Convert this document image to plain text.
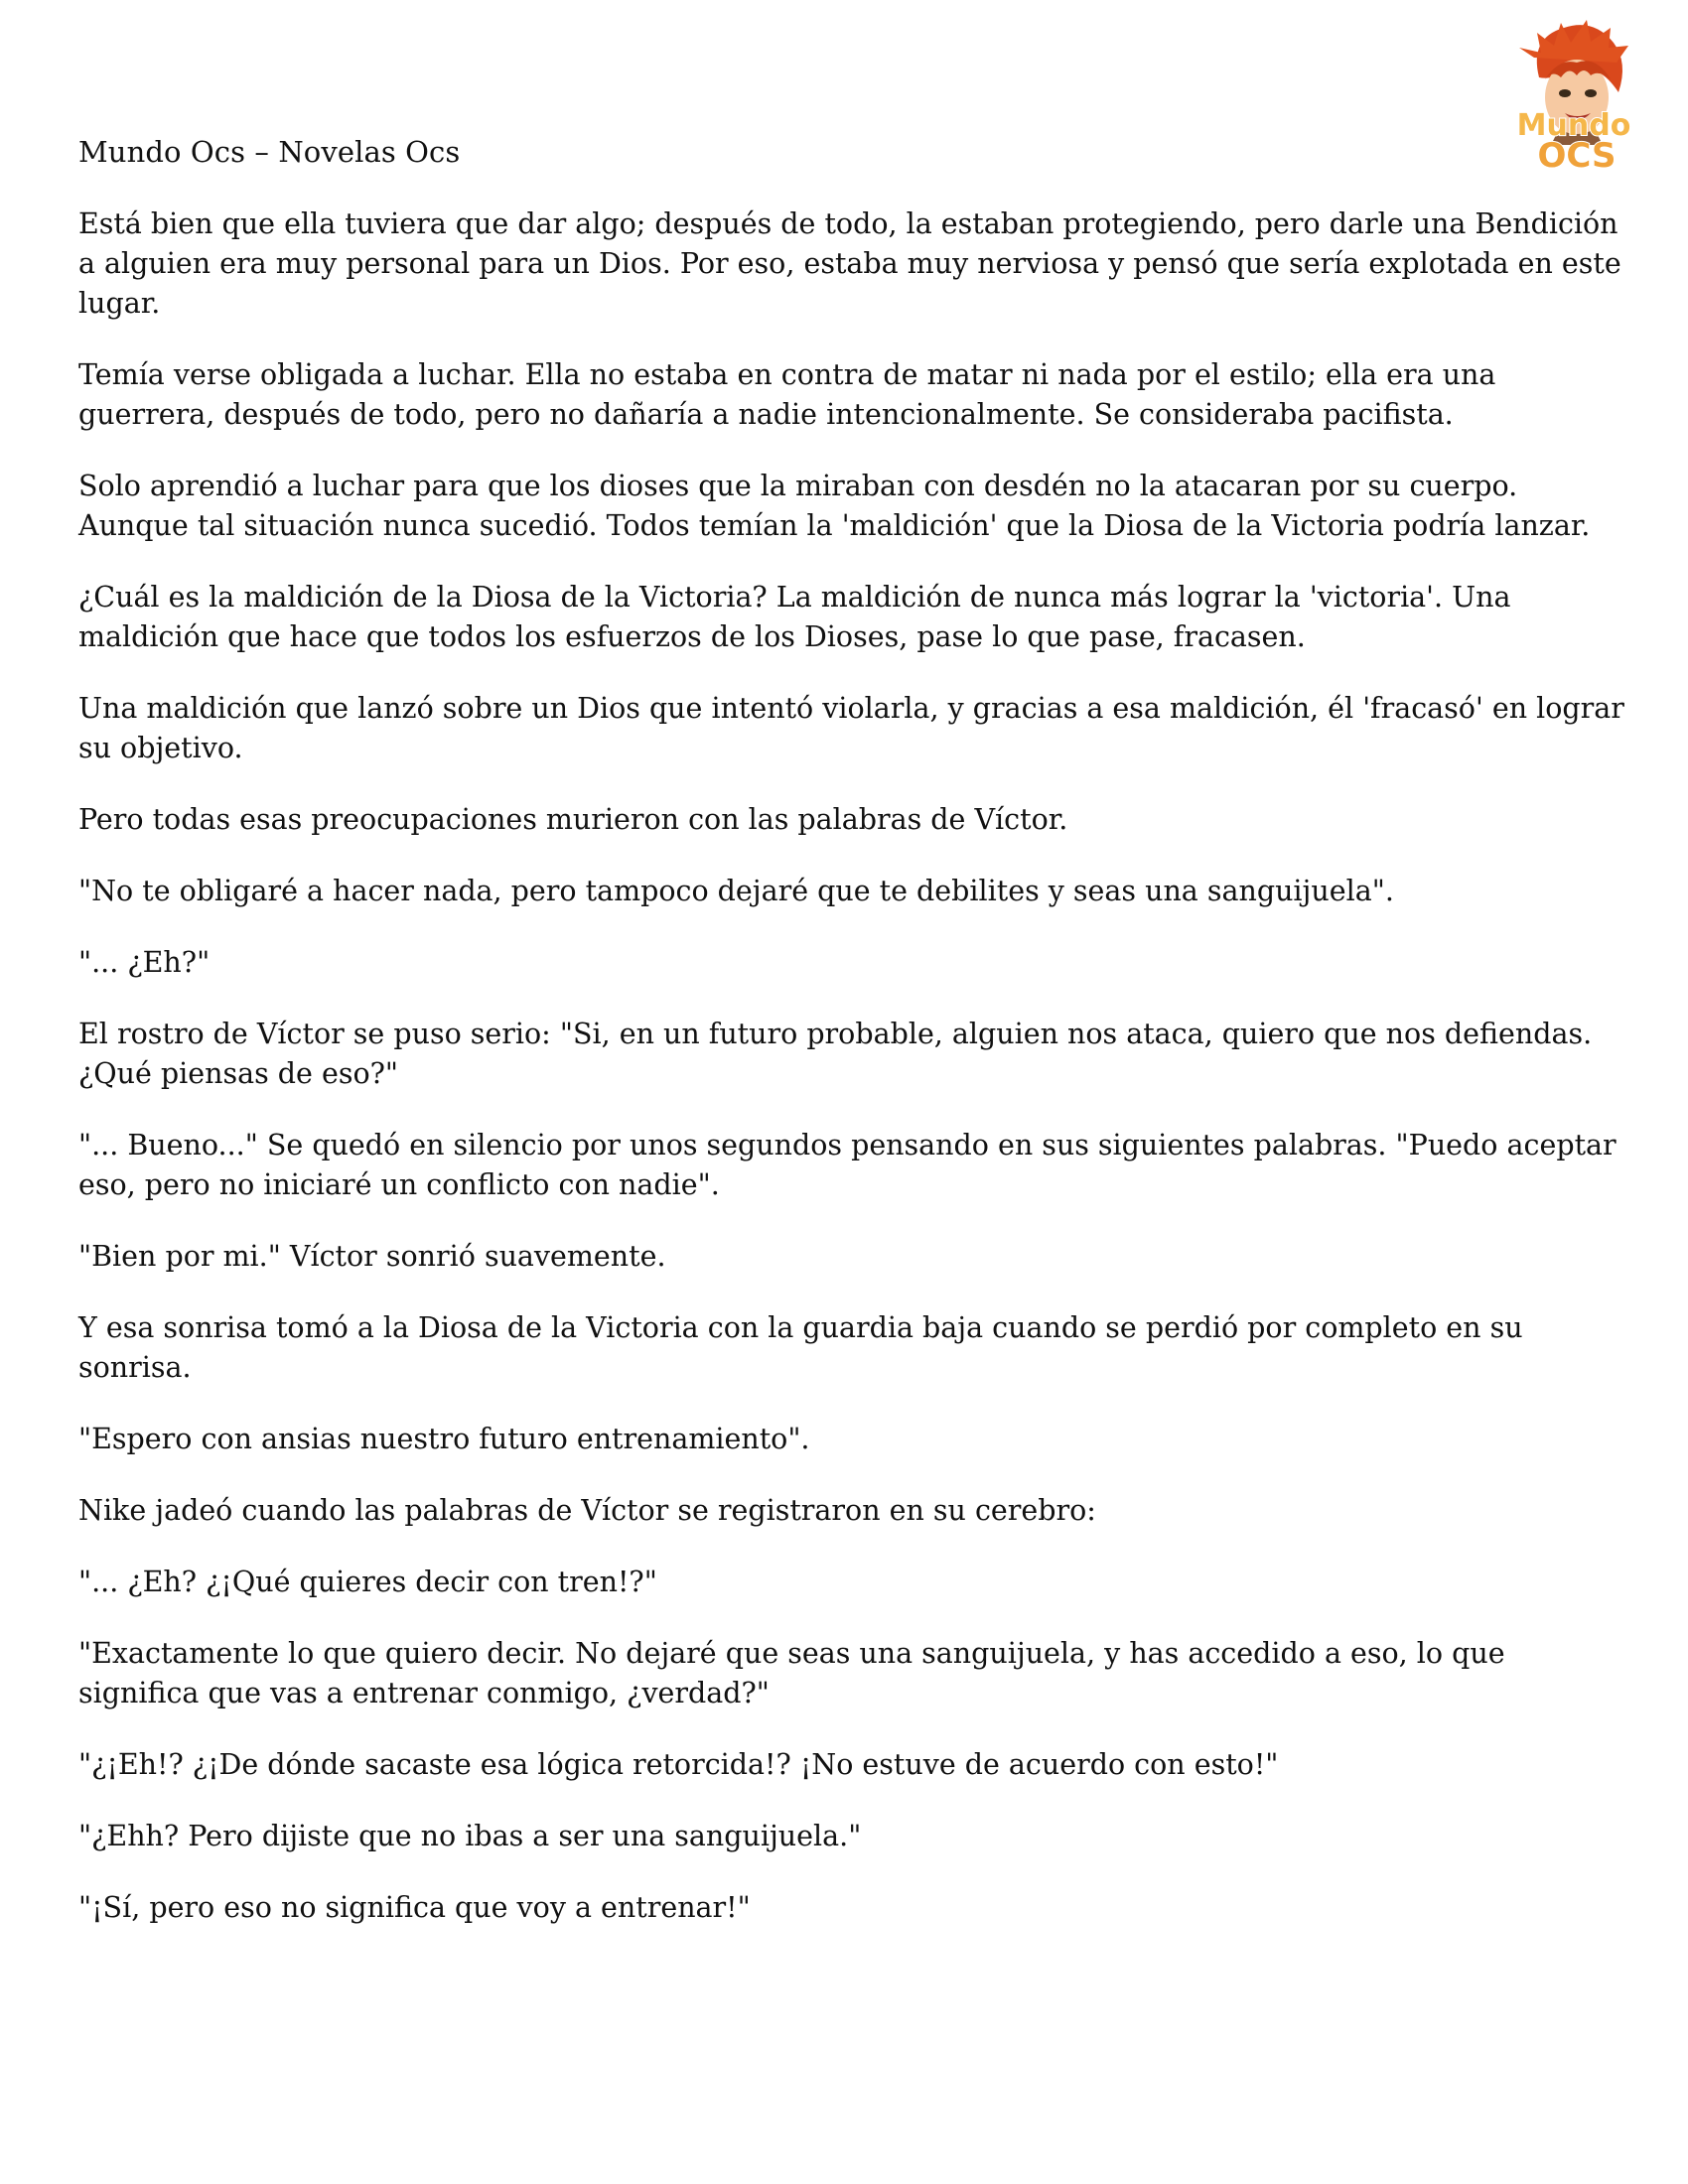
Mundo Ocs – Novelas Ocs
Mundo
OCS

Está bien que ella tuviera que dar algo; después de todo, la estaban protegiendo, pero darle una Bendición a alguien era muy personal para un Dios. Por eso, estaba muy nerviosa y pensó que sería explotada en este lugar.

Temía verse obligada a luchar. Ella no estaba en contra de matar ni nada por el estilo; ella era una guerrera, después de todo, pero no dañaría a nadie intencionalmente. Se consideraba pacifista.

Solo aprendió a luchar para que los dioses que la miraban con desdén no la atacaran por su cuerpo. Aunque tal situación nunca sucedió. Todos temían la 'maldición' que la Diosa de la Victoria podría lanzar.

¿Cuál es la maldición de la Diosa de la Victoria? La maldición de nunca más lograr la 'victoria'. Una maldición que hace que todos los esfuerzos de los Dioses, pase lo que pase, fracasen.

Una maldición que lanzó sobre un Dios que intentó violarla, y gracias a esa maldición, él 'fracasó' en lograr su objetivo.

Pero todas esas preocupaciones murieron con las palabras de Víctor.

"No te obligaré a hacer nada, pero tampoco dejaré que te debilites y seas una sanguijuela".

"... ¿Eh?"

El rostro de Víctor se puso serio: "Si, en un futuro probable, alguien nos ataca, quiero que nos defiendas. ¿Qué piensas de eso?"

"... Bueno..." Se quedó en silencio por unos segundos pensando en sus siguientes palabras. "Puedo aceptar eso, pero no iniciaré un conflicto con nadie".

"Bien por mi." Víctor sonrió suavemente.

Y esa sonrisa tomó a la Diosa de la Victoria con la guardia baja cuando se perdió por completo en su sonrisa.

"Espero con ansias nuestro futuro entrenamiento".

Nike jadeó cuando las palabras de Víctor se registraron en su cerebro:

"... ¿Eh? ¿¡Qué quieres decir con tren!?"

"Exactamente lo que quiero decir. No dejaré que seas una sanguijuela, y has accedido a eso, lo que significa que vas a entrenar conmigo, ¿verdad?"

"¿¡Eh!? ¿¡De dónde sacaste esa lógica retorcida!? ¡No estuve de acuerdo con esto!"

"¿Ehh? Pero dijiste que no ibas a ser una sanguijuela."

"¡Sí, pero eso no significa que voy a entrenar!"
